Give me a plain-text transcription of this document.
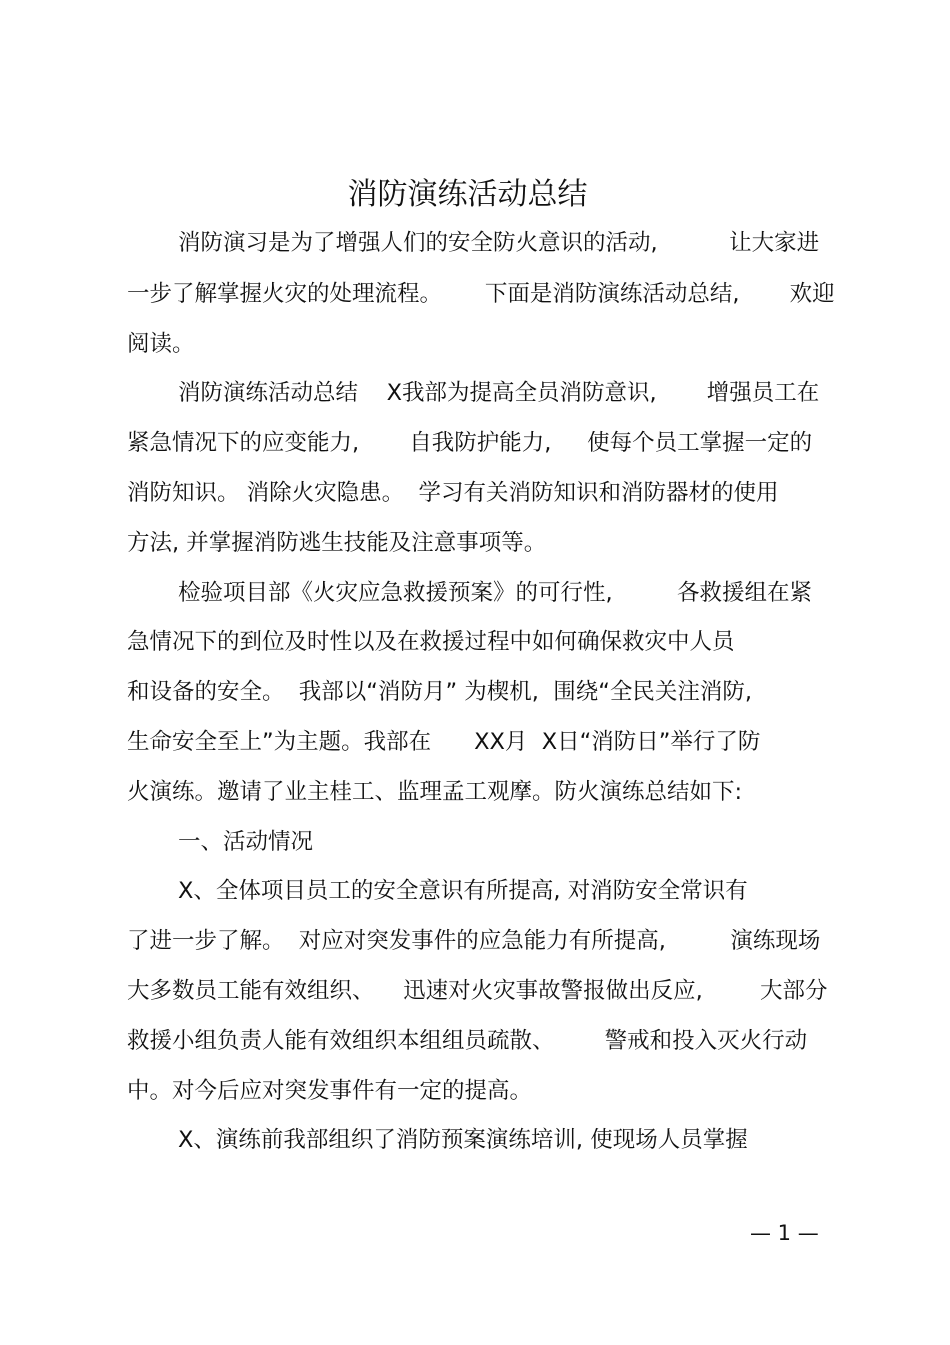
消防演练活动总结
消防演习是为了增强人们的安全防火意识的活动,          让大家进
一步了解掌握火灾的处理流程。      下面是消防演练活动总结,       欢迎
阅读。
消防演练活动总结    X我部为提高全员消防意识,       增强员工在
紧急情况下的应变能力,       自我防护能力,     使每个员工掌握一定的
消防知识。 消除火灾隐患。  学习有关消防知识和消防器材的使用
方法, 并掌握消防逃生技能及注意事项等。
检验项目部《火灾应急救援预案》的可行性,         各救援组在紧
急情况下的到位及时性以及在救援过程中如何确保救灾中人员
和设备的安全。  我部以“消防月” 为楔机,  围绕“全民关注消防,
生命安全至上”为主题。我部在      XX月  X日“消防日”举行了防
火演练。邀请了业主桂工、监理孟工观摩。防火演练总结如下:
一、活动情况
X、全体项目员工的安全意识有所提高, 对消防安全常识有
了进一步了解。  对应对突发事件的应急能力有所提高,         演练现场
大多数员工能有效组织、    迅速对火灾事故警报做出反应,        大部分
救援小组负责人能有效组织本组组员疏散、       警戒和投入灭火行动
中。对今后应对突发事件有一定的提高。
X、演练前我部组织了消防预案演练培训, 使现场人员掌握
— 1 —
